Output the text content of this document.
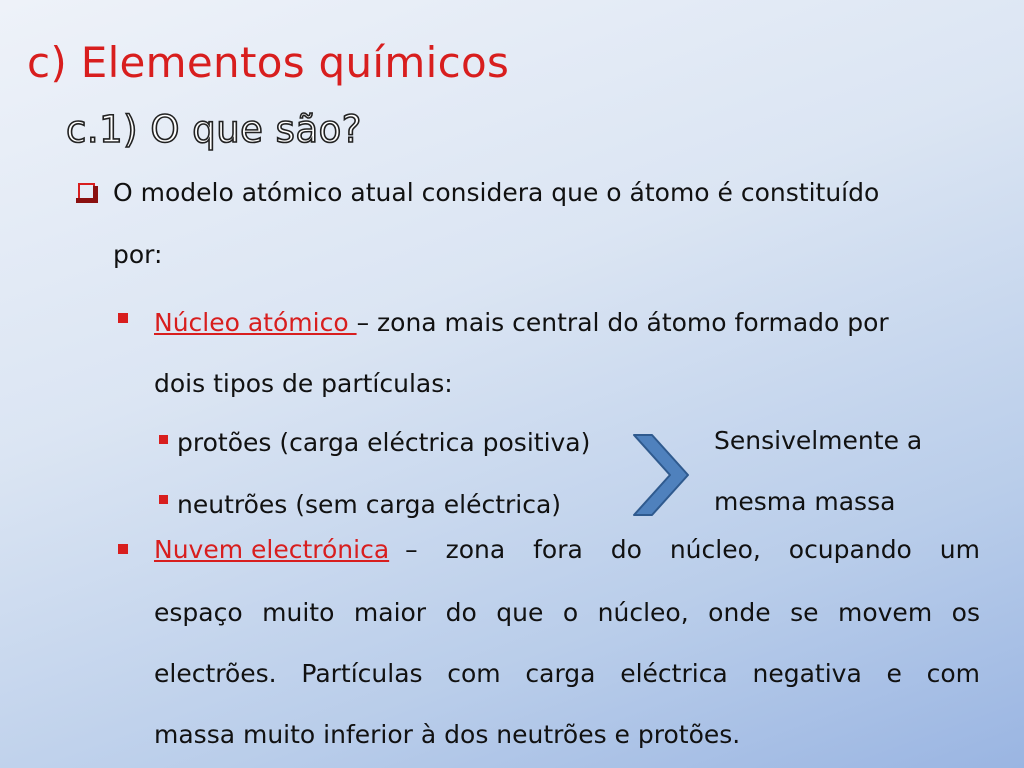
c) Elementos químicos
c.1) O que são?
O modelo atómico atual considera que o átomo é constituído
por:
Núcleo atómico – zona mais central do átomo formado por
dois tipos de partículas:
protões (carga eléctrica positiva)
neutrões (sem carga eléctrica)
Sensivelmente a
mesma massa
Nuvem electrónica – zona fora do núcleo, ocupando um
espaço muito maior do que o núcleo, onde se movem os
electrões. Partículas com carga eléctrica negativa e com
massa muito inferior à dos neutrões e protões.
